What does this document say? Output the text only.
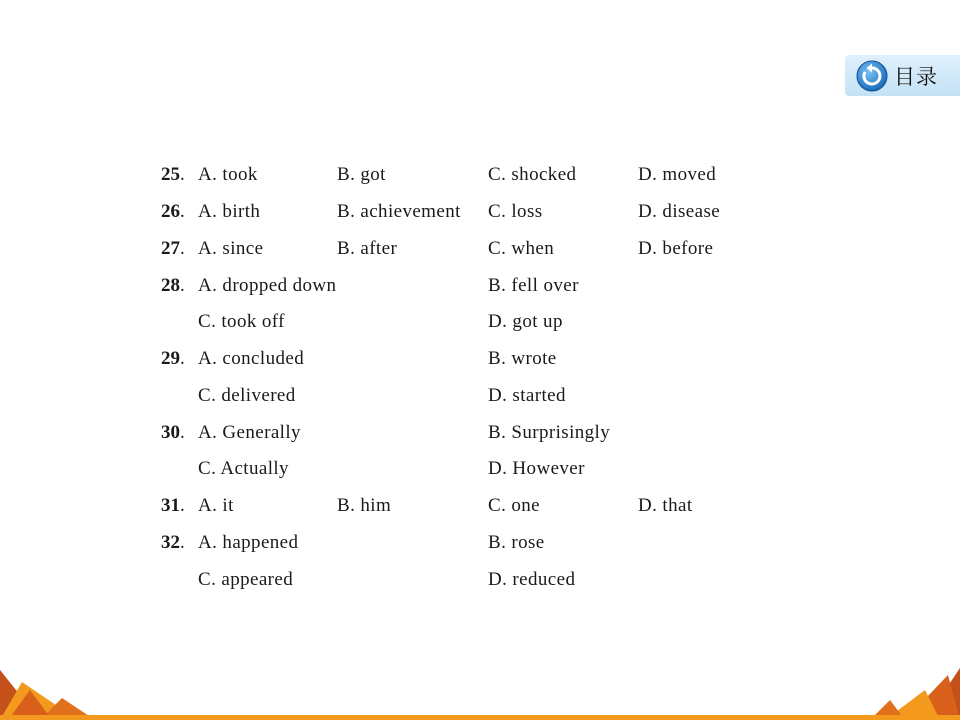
目录
25. A. took	B. got	C. shocked	D. moved
26. A. birth	B. achievement C. loss	D. disease
27. A. since	B. after	C. when	D. before
28. A. dropped down	B. fell over
C. took off	D. got up
29. A. concluded	B. wrote
C. delivered	D. started
30. A. Generally	B. Surprisingly
C. Actually	D. However
31. A. it	B. him	C. one	D. that
32. A. happened	B. rose
C. appeared	D. reduced
